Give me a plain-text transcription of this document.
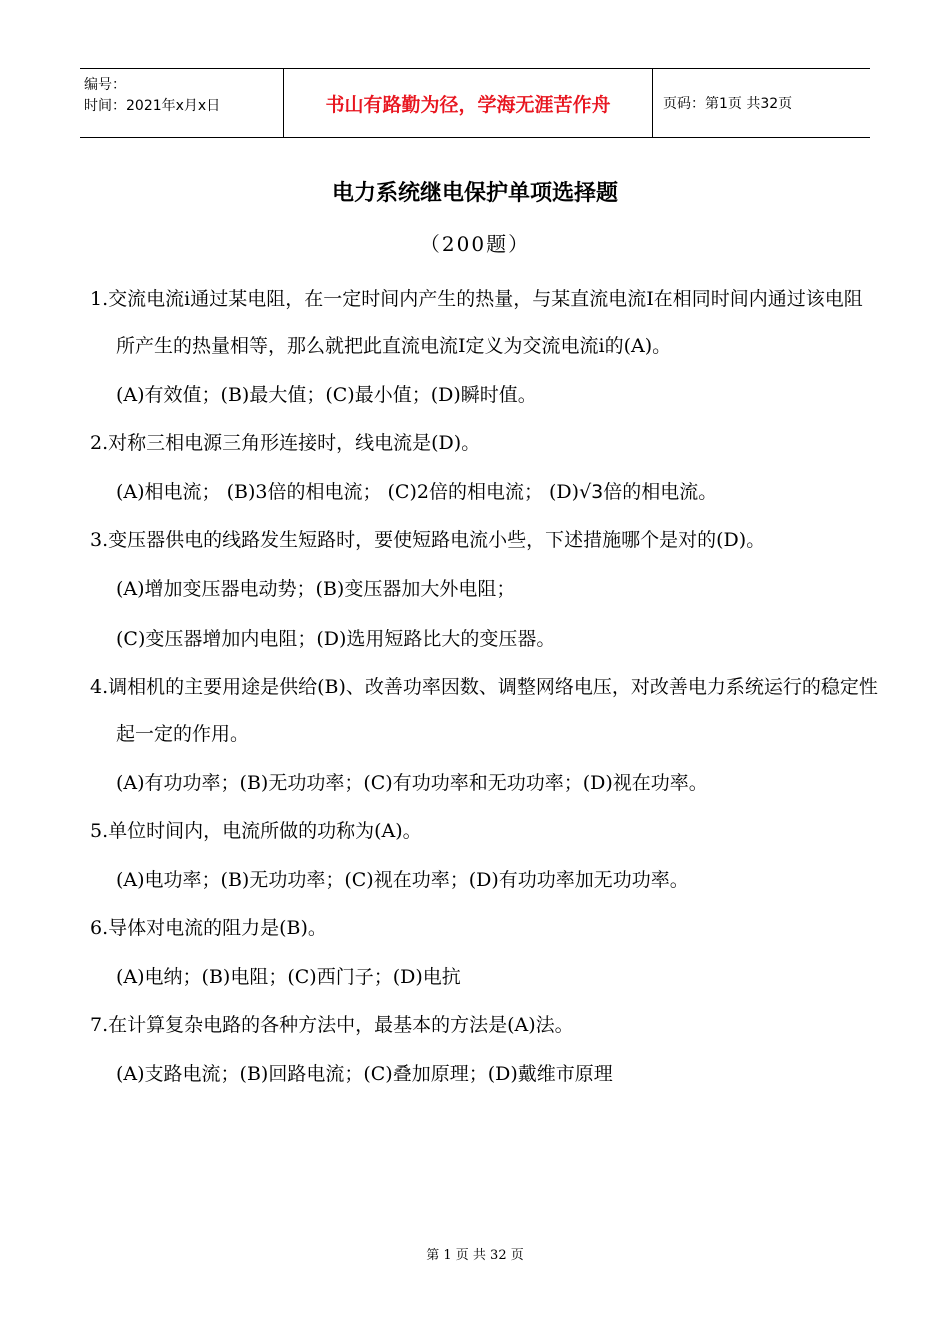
编号：
时间：2021年x月x日	书山有路勤为径，学海无涯苦作舟	页码：第1页 共32页
电力系统继电保护单项选择题
（200题）
1.交流电流i通过某电阻，在一定时间内产生的热量，与某直流电流I在相同时间内通过该电阻所产生的热量相等，那么就把此直流电流I定义为交流电流i的(A)。
(A)有效值；(B)最大值；(C)最小值；(D)瞬时值。
2.对称三相电源三角形连接时，线电流是(D)。
(A)相电流； (B)3倍的相电流； (C)2倍的相电流； (D)√3倍的相电流。
3.变压器供电的线路发生短路时，要使短路电流小些，下述措施哪个是对的(D)。
(A)增加变压器电动势；(B)变压器加大外电阻；
(C)变压器增加内电阻；(D)选用短路比大的变压器。
4.调相机的主要用途是供给(B)、改善功率因数、调整网络电压，对改善电力系统运行的稳定性起一定的作用。
(A)有功功率；(B)无功功率；(C)有功功率和无功功率；(D)视在功率。
5.单位时间内，电流所做的功称为(A)。
(A)电功率；(B)无功功率；(C)视在功率；(D)有功功率加无功功率。
6.导体对电流的阻力是(B)。
(A)电纳；(B)电阻；(C)西门子；(D)电抗
7.在计算复杂电路的各种方法中，最基本的方法是(A)法。
(A)支路电流；(B)回路电流；(C)叠加原理；(D)戴维市原理
第 1 页 共 32 页
